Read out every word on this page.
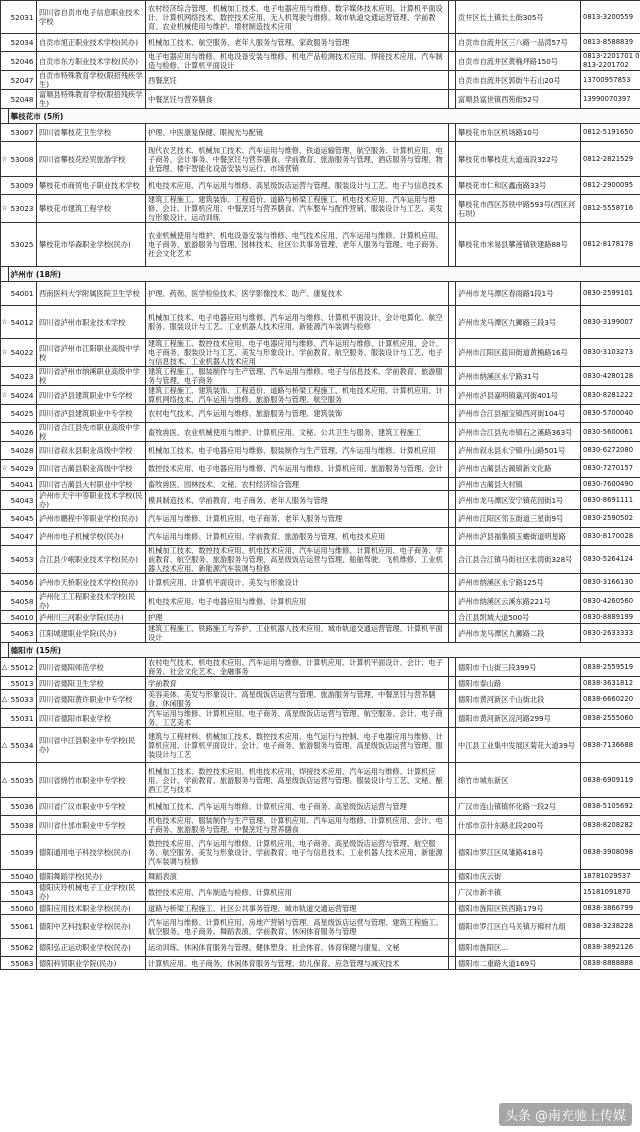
	52031	四川省自贡市电子信息职业技术学校	农村经济综合管理、机械加工技术、电子电器应用与维修、数字媒体技术应用、计算机平面设计、计算机网络技术、数控技术应用、无人机驾驶与维修、城市轨道交通运营管理、学前教育、农业机械使用与维护、增材制造技术应用		贡井区长土镇长土街305号	0813-3200559
	52034	自贡市旭正职业技术学校(民办)	机械加工技术、航空服务、老年人服务与管理、家政服务与管理		自贡市自流井区三八路一品湾57号	0813-8588839
	52046	自贡市东方职业技术学校(民办)	电子电器应用与维修、机电设备安装与维修、机电产品检测技术应用、焊接技术应用、汽车制造与检修、计算机平面设计		自贡市自流井区黄桷坪路150号	0813-2201701 0813-2201702
	52047	自贡市特殊教育学校(限招残疾学生)	西餐烹饪		自贡市自流井区郭街牛石山20号	13700957853
	52048	富顺县特殊教育学校(限招残疾学生)	中餐烹饪与营养膳食		富顺县富世镇西苑街52号	13990070397
	攀枝花市 (5所)					
	53007	四川省攀枝花卫生学校	护理、中医康复保健、眼视光与配镜		攀枝花市东区机场路10号	0812-5191650
☆	53008	四川省攀枝花经贸旅游学校	现代农艺技术、机械加工技术、汽车运用与维修、铁道运输管理、航空服务、计算机应用、电子商务、会计事务、中餐烹饪与营养膳食、学前教育、旅游服务与管理、酒店服务与管理、物业管理、楼宇智能化设备安装与运行、市场营销		攀枝花市攀枝花大道南段322号	0812-2821529
	53009	攀枝花市商贸电子职业技术学校	机电技术应用、汽车运用与维修、高星级饭店运营与管理、服装设计与工艺、电子与信息技术		攀枝花市仁和区鑫南路33号	0812-2900095
☆	53023	攀枝花市建筑工程学校	建筑工程施工、建筑装饰、工程造价、道路与桥梁工程施工、机电技术应用、汽车运用与维修、会计、计算机应用、中餐烹饪与营养膳食、汽车整车与配件营销、服装设计与工艺、美发与形象设计、运动训练		攀枝花市西区苏铁中路593号(西区河石坝)	0812-5558716
	53025	攀枝花市华森职业学校(民办)	农业机械使用与维护、机电设备安装与维修、电气技术应用、汽车运用与维修、计算机应用、电子商务、旅游服务与管理、园林技术、社区公共事务管理、老年人服务与管理、电子商务、社会文化艺术		攀枝花市米易县攀莲镇铁建路88号	0812-8178178
	泸州市 (18所)					
	54001	西南医科大学附属医院卫生学校	护理、药剂、医学检验技术、医学影像技术、助产、康复技术		泸州市龙马潭区春雨路1段1号	0830-2599101
☆	54012	四川省泸州市职业技术学校	机械加工技术、电子电器应用与维修、汽车运用与维修、计算机平面设计、会计电算化、航空服务、服装设计与工艺、工业机器人技术应用、新能源汽车装调与检修		泸州市龙马潭区九狮路三段3号	0830-3199007
☆	54022	四川省泸州市江阳职业高级中学校	建筑工程施工、数控技术应用、电子电器应用与维修、汽车运用与维修、计算机应用、会计、电子商务、服装设计与工艺、美发与形象设计、学前教育、航空服务、服装设计与工艺、电子与信息技术、工业机器人技术应用		泸州市江阳区蓝田街道黄桷路16号	0830-3103273
	54023	四川省泸州市纳溪职业高级中学校	建筑工程施工、服装制作与生产管理、汽车运用与维修、电子与信息技术、学前教育、旅游服务与管理、电子商务		泸州市纳溪区永宁路31号	0830-4280128
☆	54024	四川省泸县建筑职业中专学校	建筑工程施工、建筑装饰、工程造价、道路与桥梁工程施工、机电技术应用、计算机应用、计算机网络技术、汽车运用与维修、旅游服务与管理、航空服务		泸州市泸县嘉明镇嘉河街401号	0830-8281222
	54025	四川省泸县建筑职业中专学校	农村电气技术、汽车运用与维修、旅游服务与管理、建筑装饰		泸州市合江县福宝镇西河街104号	0830-5700040
	54026	四川省合江县先市职业高级中学校	畜牧兽医、农业机械使用与维护、计算机应用、文秘、公共卫生与服务、建筑工程施工		泸州市合江县先市镇石之溪路363号	0830-5600061
	54028	四川省叙永县职业高级中学校	机械加工技术、电子电器应用与维修、服装制作与生产管理、汽车运用与维修、计算机应用		泸州市叙永县永宁镇丹山路501号	0830-6272080
☆	54029	四川省古蔺县职业高级中学校	数控技术应用、电子电器应用与维修、汽车运用与维修、计算机应用、旅游服务与管理、会计		泸州市古蔺县古蔺镇新文化路	0830-7270157
	54041	四川省古蔺县大村职业中学校	畜牧兽医、园林技术、文秘、农村经济综合管理		泸州市古蔺县大村镇	0830-7600490
	54043	泸州市天宇中等职业技术学校(民办)	模具制造技术、学前教育、电子商务、老年人服务与管理		泸州市龙马潭区安宁镇花园街1号	0830-8691111
	54045	泸州市鹏程中等职业学校(民办)	汽车运用与维修、计算机应用、电子商务、老年人服务与管理		泸州市江阳区邻玉街道三星街9号	0830-2590502
	54047	泸州市电子机械学校(民办)	汽车运用与维修、计算机应用、学前教育、旅游服务与管理、机电技术应用		泸州市泸县福集镇玉蟾街道明星路	0830-8170028
	54053	合江县少岷职业技术学校(民办)	机械加工技术、数控技术应用、机电技术应用、汽车运用与维修、计算机应用、电子商务、学前教育、航空服务、旅游服务与管理、高星级饭店运营与管理、船舶驾驶、飞机维修、工业机器人技术应用、新能源汽车装调与检修		合江县合江镇马街社区张湾街328号	0830-5264124
	54056	泸州市天桥职业技术学校(民办)	计算机应用、计算机平面设计、美发与形象设计		泸州市纳溪区永宁路125号	0830-3166130
	54058	泸州化工工程职业技术学校(民办)	机电技术应用、电子电器应用与维修、计算机应用		泸州市纳溪区云溪东路221号	0830-4260560
	54010	泸州川三河职业学院(民办)	护理		合江县凯城大道500号	0830-8889199
	54063	江阳城建职业学院(民办)	建筑工程施工、铁路施工与养护、工业机器人技术应用、城市轨道交通运营管理、计算机平面设计		泸州市龙马潭区九狮路二段	0830-2633333
	德阳市 (15所)					
△	55012	四川省德阳师范学校	农村电气技术、机电技术应用、汽车运用与维修、计算机应用、计算机平面设计、会计、电子商务、社会文化艺术、金融事务		德阳市千山街三段399号	0838-2559519
	55013	四川省德阳卫生学校	学前教育		德阳市泰山路	0838-3631812
△	55033	四川省德阳黄许职业中专学校	美容美体、美发与形象设计、高星级饭店运营与管理、旅游服务与管理、中餐烹饪与营养膳食、休闲服务		德阳市黄河新区千山街北段	0838-6660220
	55031	四川省德阳市职业学校	汽车运用与维修、计算机应用、电子商务、高星级饭店运营与管理、航空服务、会计、电子商务、工艺美术		德阳市黄河新区浣河路299号	0838-2555060
△	55034	四川省中江县职业中专学校(民办)	建筑与工程材料、机械加工技术、数控技术应用、电气运行与控制、电子电器应用与维修、计算机应用、计算机平面设计、会计、电子商务、旅游服务与管理、高星级饭店运营与管理、服装设计与工艺		中江县工业集中发展区菊花大道39号	0838-7136688
△	55035	四川省绵竹市职业中专学校	机械加工技术、数控技术应用、机电技术应用、焊接技术应用、汽车运用与维修、计算机应用、会计、学前教育、旅游服务与管理、高星级饭店运营与管理、服装设计与工艺、文秘、酿酒工艺与技术		绵竹市城东新区	0838-6909119
	55036	四川省广汉市职业中专学校	机械加工技术、汽车运用与维修、计算机应用、电子商务、高星级饭店运营与管理		广汉市连山镇镇怀化路一段2号	0838-5105692
	55038	四川省什邡市职业中专学校	机电技术应用、服装制作与生产管理、计算机应用、汽车运用与维修、计算机应用、会计、电子商务、旅游服务与管理、中餐烹饪与营养膳食		什邡市京什东路北段200号	0838-8208282
	55039	德阳通用电子科技学校(民办)	数控技术应用、汽车运用与维修、计算机应用、电子商务、高星级饭店运营与管理、航空服务、航空服务、美发与形象设计、学前教育、电子与信息技术、工业机器人技术应用、新能源汽车装调与检修		德阳市罗江区凤雏路418号	0838-3908098
	55040	德阳舞蹈学校(民办)	舞蹈表演		德阳市庆云街	18781029537
	55043	德阳庆玲机械电子工业学校(民办)	数控技术应用、汽车制造与检修、计算机应用		广汉市新丰镇	15181091870
	55060	德阳应用技术职业学校(民办)	道路与桥梁工程施工、社区公共事务管理、城市轨道交通运营管理		德阳市旌阳区铁西路179号	0838-3866799
	55061	德阳中艺科技职业学校(民办)	汽车运用与维修、计算机应用、房地产营销与管理、高星级饭店运营与管理、建筑工程施工、航空服务、电子商务、舞蹈表演、学前教育、休闲体育服务与管理		德阳市罗江区白马关镇万佛村九组	0838-3238228
	55062	德阳弘正运动职业学校(民办)	运动训练、休闲体育服务与管理、健体塑身、社会体育、体育保健与康复、文秘		德阳市旌阳区...	0838-3892126
	55063	德阳科贸职业学院(民办)	计算机应用、电子商务、休闲体育服务与管理、幼儿保育、应急管理与减灾技术		德阳市二重路大道169号	0838-8888888
头条 @南充驰上传媒
